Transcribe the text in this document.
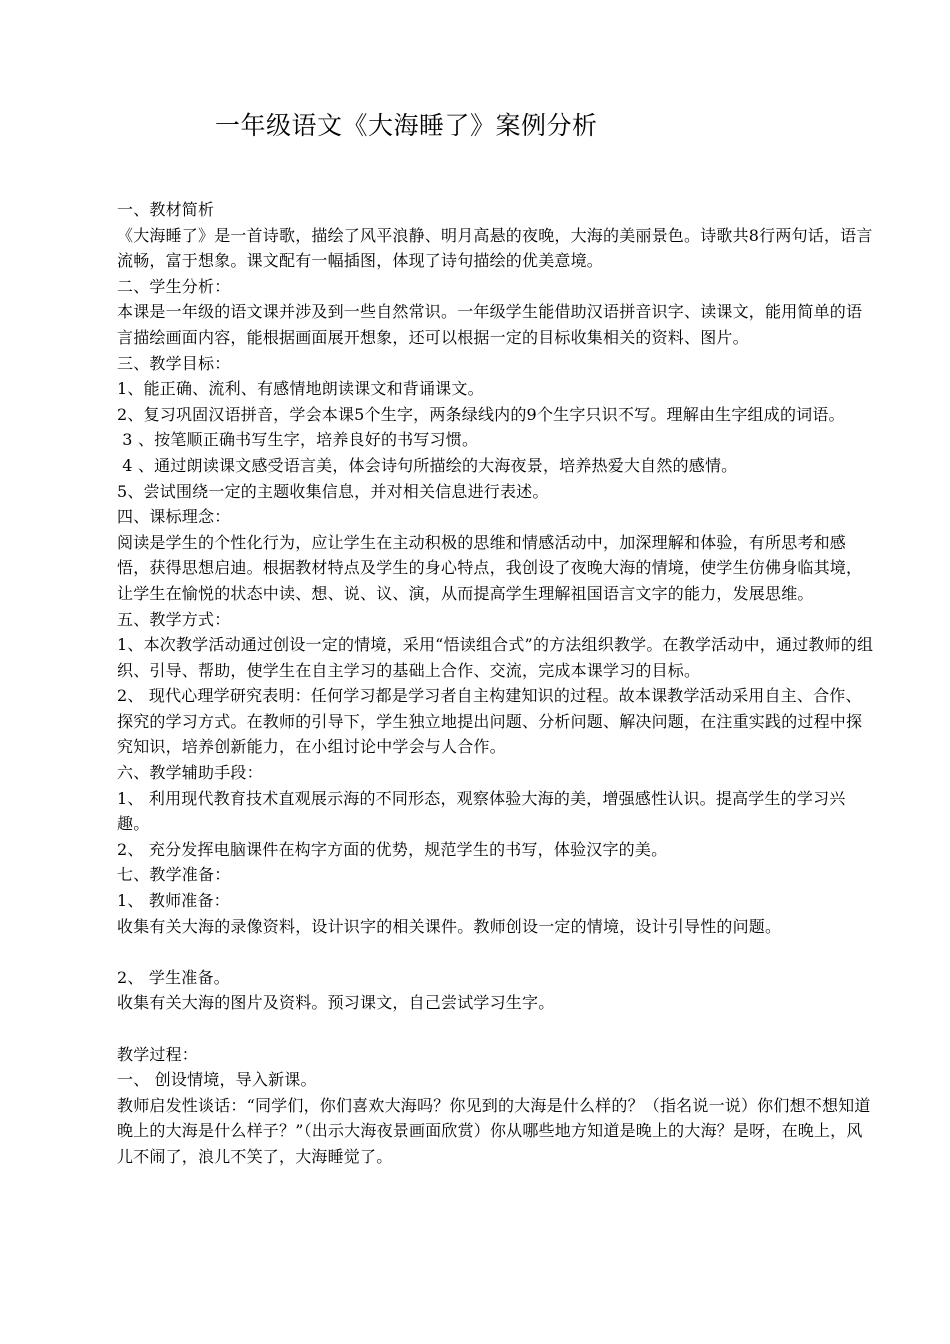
一年级语文《大海睡了》案例分析

一、教材简析

《大海睡了》是一首诗歌，描绘了风平浪静、明月高悬的夜晚，大海的美丽景色。诗歌共8行两句话，语言流畅，富于想象。课文配有一幅插图，体现了诗句描绘的优美意境。

二、学生分析：

本课是一年级的语文课并涉及到一些自然常识。一年级学生能借助汉语拼音识字、读课文，能用简单的语言描绘画面内容，能根据画面展开想象，还可以根据一定的目标收集相关的资料、图片。

三、教学目标：

1、能正确、流利、有感情地朗读课文和背诵课文。

2、复习巩固汉语拼音，学会本课5个生字，两条绿线内的9个生字只识不写。理解由生字组成的词语。

3 、按笔顺正确书写生字，培养良好的书写习惯。

4 、通过朗读课文感受语言美，体会诗句所描绘的大海夜景，培养热爱大自然的感情。

5、尝试围绕一定的主题收集信息，并对相关信息进行表述。

四、课标理念：

阅读是学生的个性化行为，应让学生在主动积极的思维和情感活动中，加深理解和体验，有所思考和感悟，获得思想启迪。根据教材特点及学生的身心特点，我创设了夜晚大海的情境，使学生仿佛身临其境，让学生在愉悦的状态中读、想、说、议、演，从而提高学生理解祖国语言文字的能力，发展思维。

五、教学方式：

1、本次教学活动通过创设一定的情境，采用“悟读组合式”的方法组织教学。在教学活动中，通过教师的组织、引导、帮助，使学生在自主学习的基础上合作、交流，完成本课学习的目标。

2、 现代心理学研究表明：任何学习都是学习者自主构建知识的过程。故本课教学活动采用自主、合作、探究的学习方式。在教师的引导下，学生独立地提出问题、分析问题、解决问题，在注重实践的过程中探究知识，培养创新能力，在小组讨论中学会与人合作。

六、教学辅助手段：

1、 利用现代教育技术直观展示海的不同形态，观察体验大海的美，增强感性认识。提高学生的学习兴趣。

2、 充分发挥电脑课件在构字方面的优势，规范学生的书写，体验汉字的美。

七、教学准备：

1、 教师准备：

收集有关大海的录像资料，设计识字的相关课件。教师创设一定的情境，设计引导性的问题。

2、 学生准备。

收集有关大海的图片及资料。预习课文，自己尝试学习生字。

教学过程：

一、 创设情境，导入新课。

教师启发性谈话：“同学们，你们喜欢大海吗？你见到的大海是什么样的？（指名说一说）你们想不想知道晚上的大海是什么样子？”（出示大海夜景画面欣赏）你从哪些地方知道是晚上的大海？是呀，在晚上，风儿不闹了，浪儿不笑了，大海睡觉了。
